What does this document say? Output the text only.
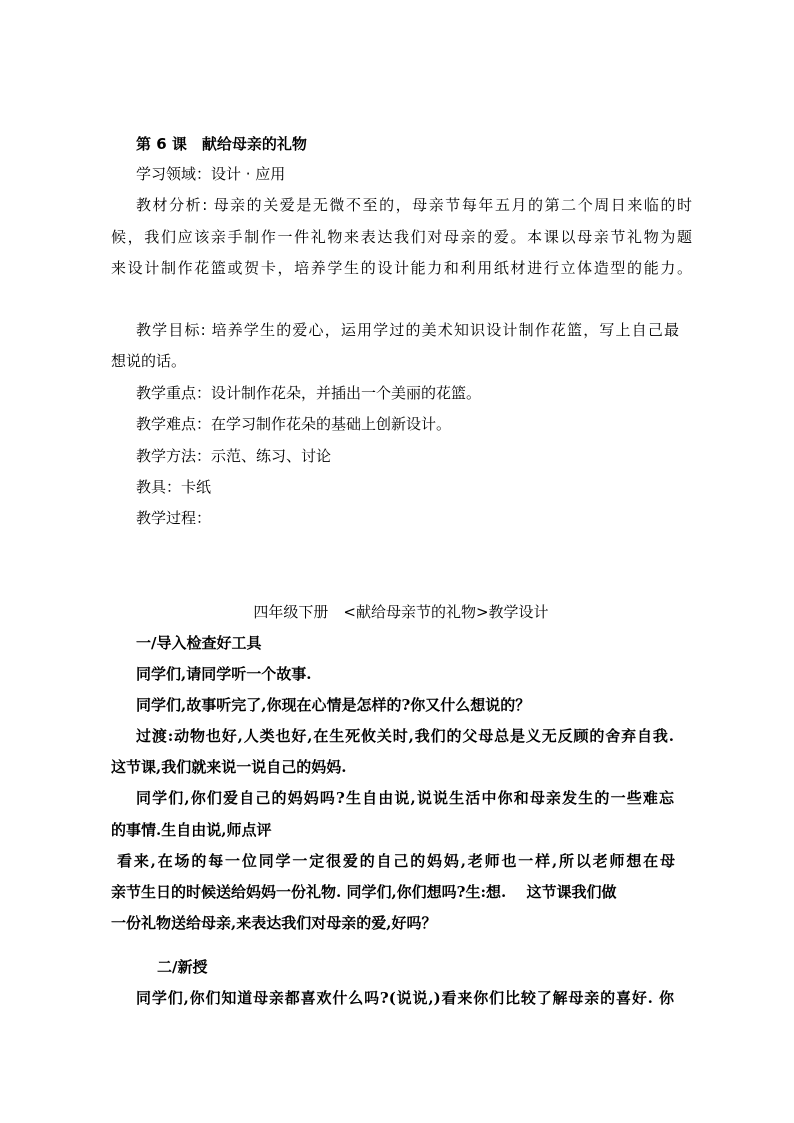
第 6 课　献给母亲的礼物
学习领域：设计 · 应用
教材分析: 母亲的关爱是无微不至的，母亲节每年五月的第二个周日来临的时
候，我们应该亲手制作一件礼物来表达我们对母亲的爱。本课以母亲节礼物为题
来设计制作花篮或贺卡，培养学生的设计能力和利用纸材进行立体造型的能力。
教学目标: 培养学生的爱心，运用学过的美术知识设计制作花篮，写上自己最
想说的话。
教学重点：设计制作花朵，并插出一个美丽的花篮。
教学难点：在学习制作花朵的基础上创新设计。
教学方法：示范、练习、讨论
教具：卡纸
教学过程：
四年级下册　<献给母亲节的礼物>教学设计
一/导入检查好工具
同学们,请同学听一个故事.
同学们,故事听完了,你现在心情是怎样的?你又什么想说的？
过渡:动物也好,人类也好,在生死攸关时,我们的父母总是义无反顾的舍弃自我.
这节课,我们就来说一说自己的妈妈.
同学们,你们爱自己的妈妈吗?生自由说,说说生活中你和母亲发生的一些难忘
的事情.生自由说,师点评
看来,在场的每一位同学一定很爱的自己的妈妈,老师也一样,所以老师想在母
亲节生日的时候送给妈妈一份礼物. 同学们,你们想吗?生:想.　 这节课我们做
一份礼物送给母亲,来表达我们对母亲的爱,好吗？
二/新授
同学们,你们知道母亲都喜欢什么吗?(说说,)看来你们比较了解母亲的喜好. 你
